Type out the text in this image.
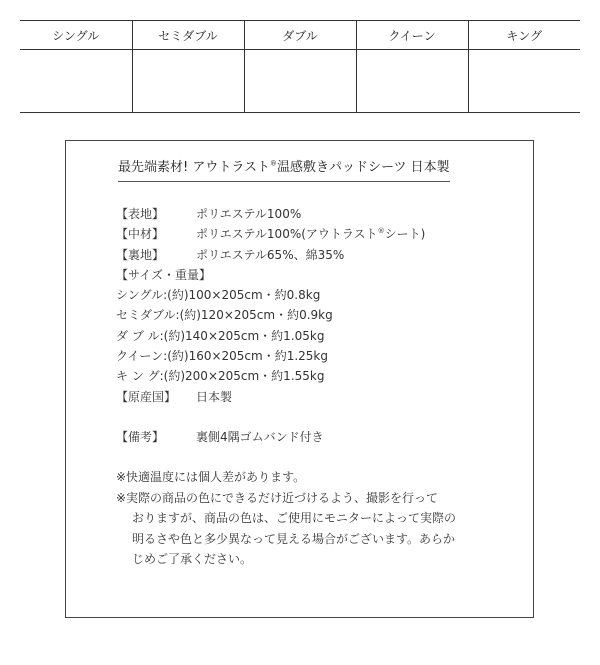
シングル	セミダブル	ダブル	クイーン	キング

最先端素材! アウトラスト®温感敷きパッドシーツ 日本製
【表地】	ポリエステル100%
【中材】	ポリエステル100%(アウトラスト®シート)
【裏地】	ポリエステル65%、綿35%
【サイズ・重量】
シングル:(約)100×205cm・約0.8kg
セミダブル:(約)120×205cm・約0.9kg
ダ ブ ル:(約)140×205cm・約1.05kg
クイーン:(約)160×205cm・約1.25kg
キ ン グ:(約)200×205cm・約1.55kg
【原産国】 日本製
【備考】	裏側4隅ゴムバンド付き
※快適温度には個人差があります。
※実際の商品の色にできるだけ近づけるよう、撮影を行って
おりますが、商品の色は、ご使用にモニターによって実際の
明るさや色と多少異なって見える場合がございます。あらか
じめご了承ください。
